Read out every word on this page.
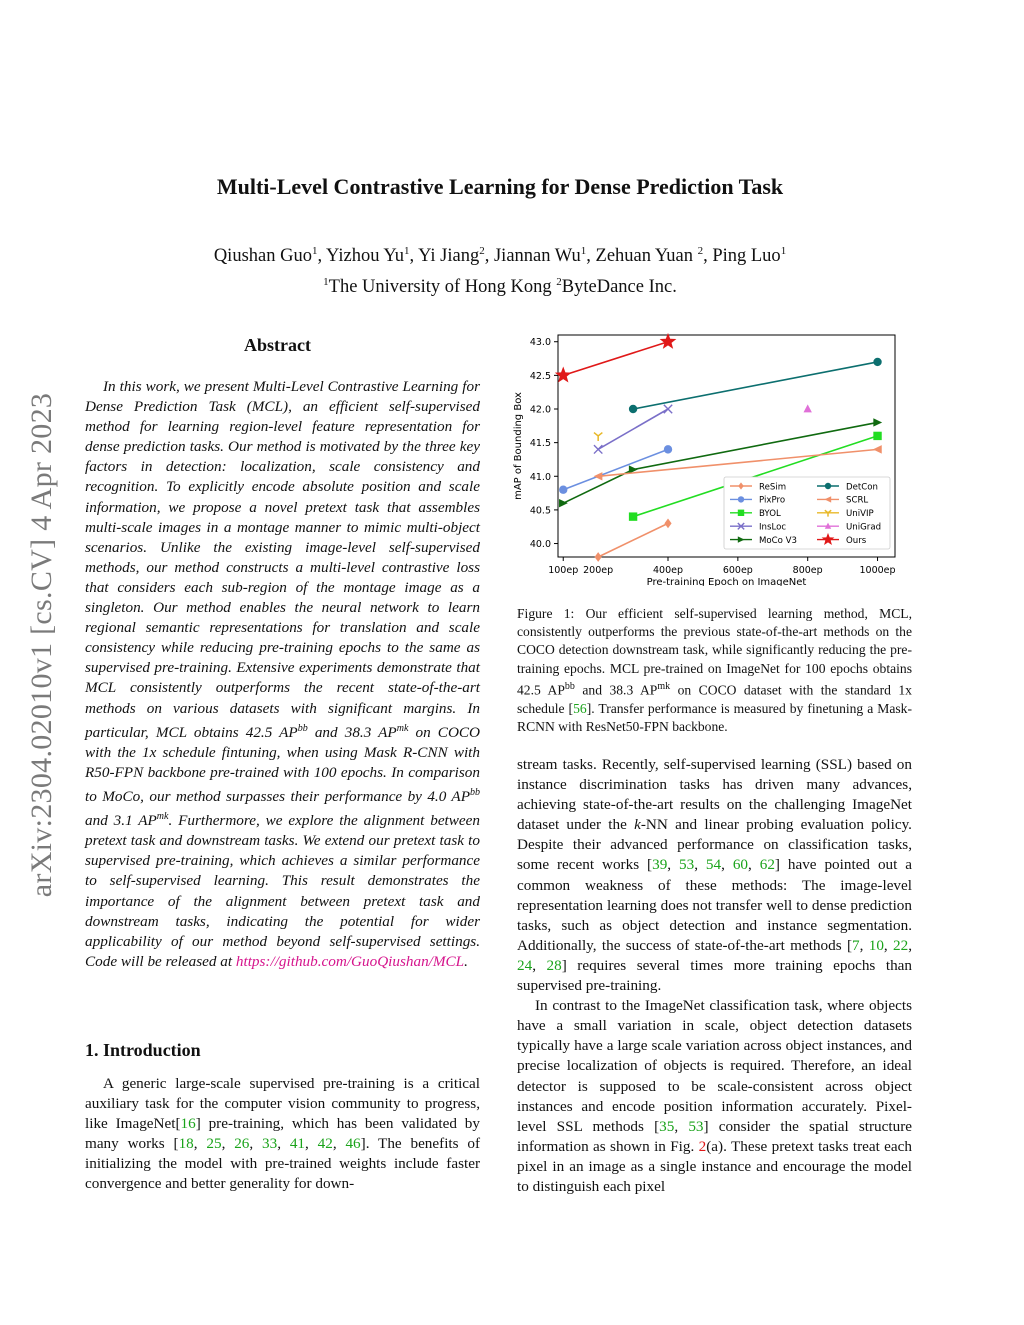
arXiv:2304.02010v1 [cs.CV] 4 Apr 2023
Multi-Level Contrastive Learning for Dense Prediction Task
Qiushan Guo$^1$, Yizhou Yu$^1$, Yi Jiang$^2$, Jiannan Wu$^1$, Zehuan Yuan $^2$, Ping Luo$^1$
$^1$The University of Hong Kong $^2$ByteDance Inc.
Abstract

In this work, we present Multi-Level Contrastive Learning for Dense Prediction Task (MCL), an efficient self-supervised method for learning region-level feature representation for dense prediction tasks. Our method is motivated by the three key factors in detection: localization, scale consistency and recognition. To explicitly encode absolute position and scale information, we propose a novel pretext task that assembles multi-scale images in a montage manner to mimic multi-object scenarios. Unlike the existing image-level self-supervised methods, our method constructs a multi-level contrastive loss that considers each sub-region of the montage image as a singleton. Our method enables the neural network to learn regional semantic representations for translation and scale consistency while reducing pre-training epochs to the same as supervised pre-training. Extensive experiments demonstrate that MCL consistently outperforms the recent state-of-the-art methods on various datasets with significant margins. In particular, MCL obtains 42.5 $AP^{bb}$ and 38.3 $AP^{mk}$ on COCO with the 1x schedule fintuning, when using Mask R-CNN with R50-FPN backbone pre-trained with 100 epochs. In comparison to MoCo, our method surpasses their performance by 4.0 $AP^{bb}$ and 3.1 $AP^{mk}$. Furthermore, we explore the alignment between pretext task and downstream tasks. We extend our pretext task to supervised pre-training, which achieves a similar performance to self-supervised learning. This result demonstrates the importance of the alignment between pretext task and downstream tasks, indicating the potential for wider applicability of our method beyond self-supervised settings. Code will be released at https://github.com/GuoQiushan/MCL.

1. Introduction

A generic large-scale supervised pre-training is a critical auxiliary task for the computer vision community to progress, like ImageNet[16] pre-training, which has been validated by many works [18, 25, 26, 33, 41, 42, 46]. The benefits of initializing the model with pre-trained weights include faster convergence and better generality for down-

100ep 200ep	400ep	600ep	800ep	1000ep
40.0
40.5
41.0
41.5
42.0
42.5
43.0
Pre-training Epoch on ImageNet
mAP of Bounding Box	ReSim
PixPro
BYOL
InsLoc
MoCo V3
DetCon
SCRL
UniVIP
UniGrad
Ours
Figure 1: Our efficient self-supervised learning method, MCL, consistently outperforms the previous state-of-the-art methods on the COCO detection downstream task, while significantly reducing the pre-training epochs. MCL pre-trained on ImageNet for 100 epochs obtains 42.5 $AP^{bb}$ and 38.3 $AP^{mk}$ on COCO dataset with the standard 1x schedule [56]. Transfer performance is measured by finetuning a Mask-RCNN with ResNet50-FPN backbone.

stream tasks. Recently, self-supervised learning (SSL) based on instance discrimination tasks has driven many advances, achieving state-of-the-art results on the challenging ImageNet dataset under the k-NN and linear probing evaluation policy. Despite their advanced performance on classification tasks, some recent works [39, 53, 54, 60, 62] have pointed out a common weakness of these methods: The image-level representation learning does not transfer well to dense prediction tasks, such as object detection and instance segmentation. Additionally, the success of state-of-the-art methods [7, 10, 22, 24, 28] requires several times more training epochs than supervised pre-training.

In contrast to the ImageNet classification task, where objects have a small variation in scale, object detection datasets typically have a large scale variation across object instances, and precise localization of objects is required. Therefore, an ideal detector is supposed to be scale-consistent across object instances and encode position information accurately. Pixel-level SSL methods [35, 53] consider the spatial structure information as shown in Fig. 2(a). These pretext tasks treat each pixel in an image as a single instance and encourage the model to distinguish each pixel
